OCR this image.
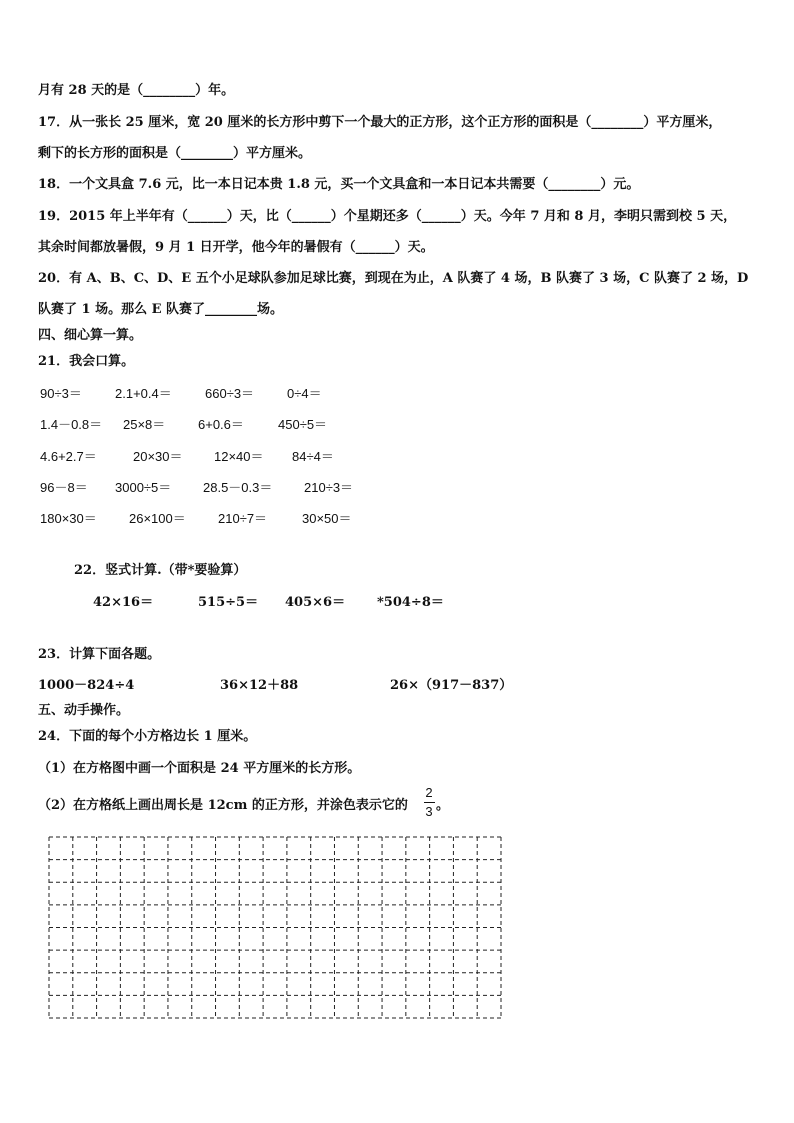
月有 28 天的是（________）年。
17．从一张长 25 厘米，宽 20 厘米的长方形中剪下一个最大的正方形，这个正方形的面积是（________）平方厘米，
剩下的长方形的面积是（________）平方厘米。
18．一个文具盒 7.6 元，比一本日记本贵 1.8 元，买一个文具盒和一本日记本共需要（________）元。
19．2015 年上半年有（______）天，比（______）个星期还多（______）天。今年 7 月和 8 月，李明只需到校 5 天，
其余时间都放暑假，9 月 1 日开学，他今年的暑假有（______）天。
20．有 A、B、C、D、E 五个小足球队参加足球比赛，到现在为止，A 队赛了 4 场，B 队赛了 3 场，C 队赛了 2 场，D
队赛了 1 场。那么 E 队赛了________场。
四、细心算一算。
21．我会口算。
90÷3＝	2.1+0.4＝	660÷3＝	0÷4＝
1.4－0.8＝ 25×8＝	6+0.6＝	450÷5＝
4.6+2.7＝	20×30＝ 12×40＝ 84÷4＝
96－8＝ 3000÷5＝ 28.5－0.3＝ 210÷3＝
180×30＝ 26×100＝ 210÷7＝	30×50＝
22．竖式计算.（带*要验算）
42×16＝	515÷5＝ 405×6＝ *504÷8＝
23．计算下面各题。
1000－824÷4	36×12＋88	26×（917－837）
五、动手操作。
24．下面的每个小方格边长 1 厘米。
（1）在方格图中画一个面积是 24 平方厘米的长方形。
（2）在方格纸上画出周长是 12cm 的正方形，并涂色表示它的
2
3 。
